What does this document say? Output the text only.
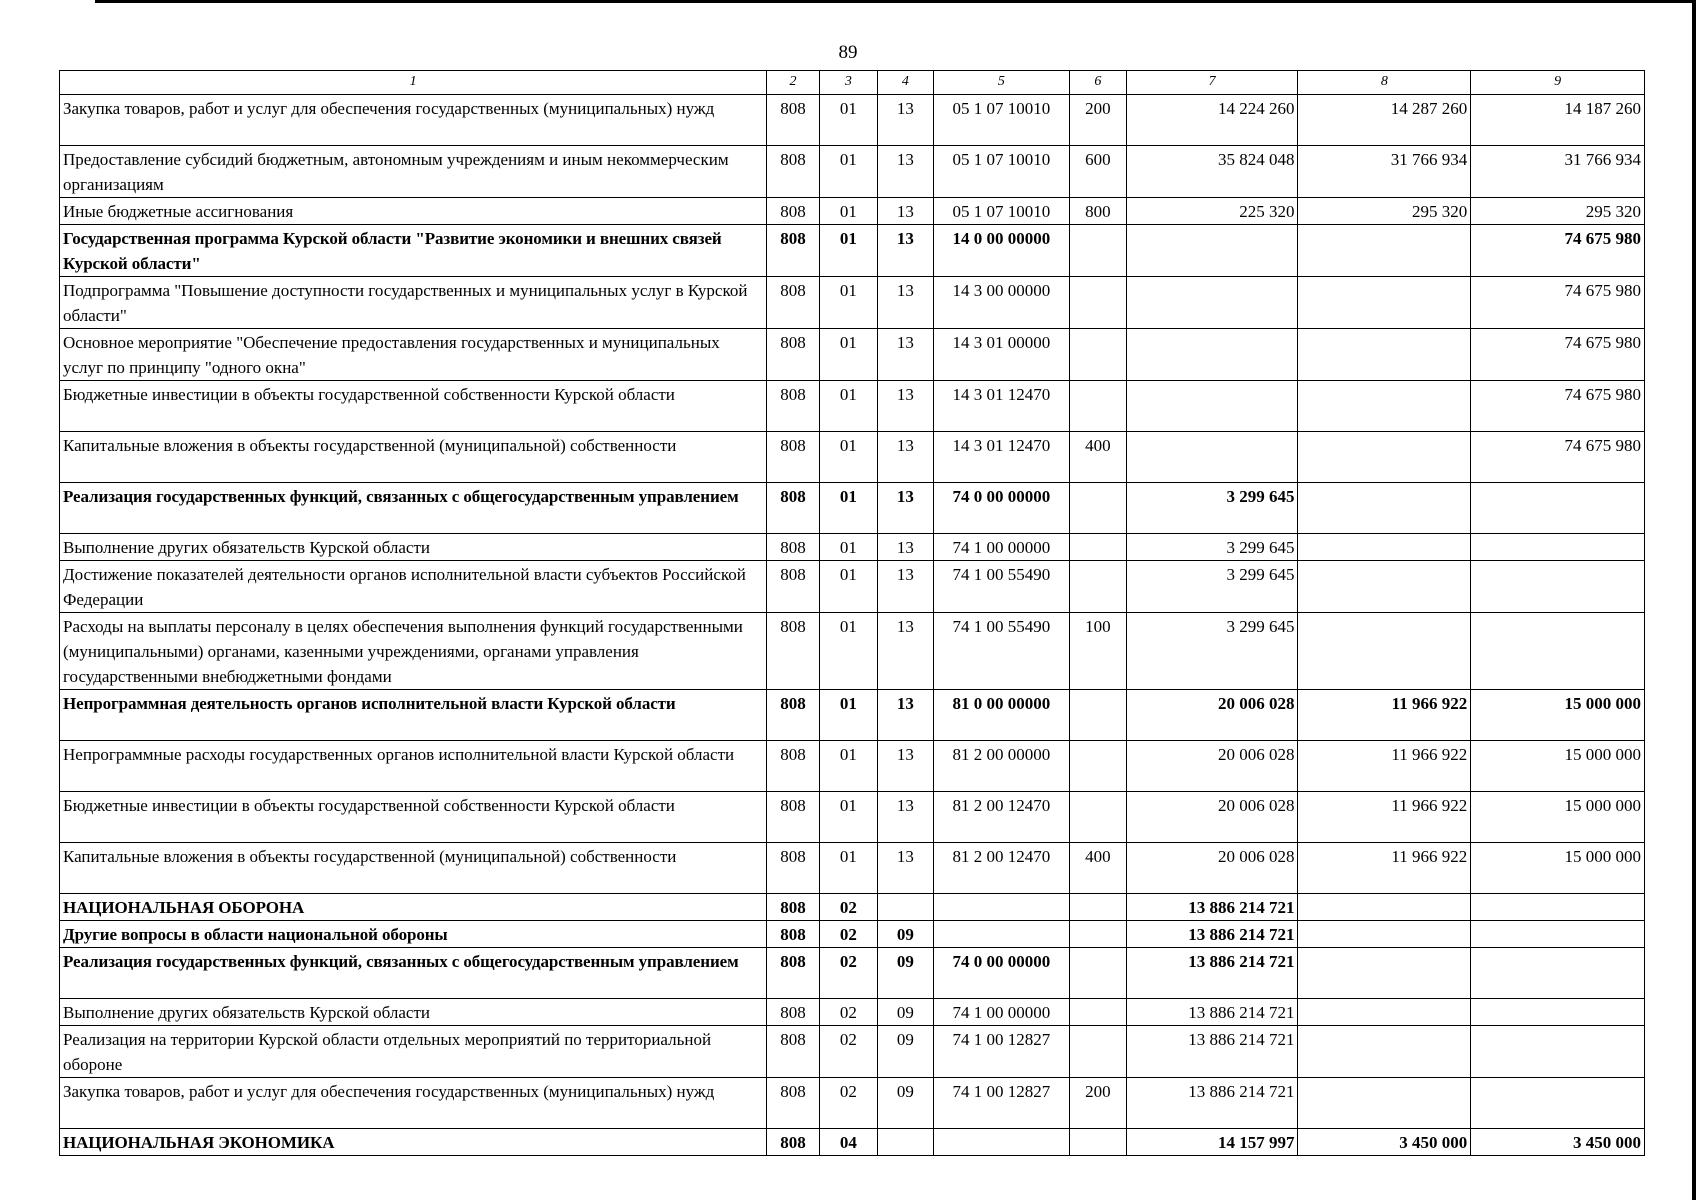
89
1	2	3	4	5	6	7	8	9
Закупка товаров, работ и услуг для обеспечения государственных (муниципальных) нужд	808	01	13	05 1 07 10010	200	14 224 260	14 287 260	14 187 260
Предоставление субсидий бюджетным, автономным учреждениям и иным некоммерческим организациям	808	01	13	05 1 07 10010	600	35 824 048	31 766 934	31 766 934
Иные бюджетные ассигнования	808	01	13	05 1 07 10010	800	225 320	295 320	295 320
Государственная программа Курской области "Развитие экономики и внешних связей Курской области"	808	01	13	14 0 00 00000				74 675 980
Подпрограмма "Повышение доступности государственных и муниципальных услуг в Курской области"	808	01	13	14 3 00 00000				74 675 980
Основное мероприятие "Обеспечение предоставления государственных и муниципальных услуг по принципу "одного окна"	808	01	13	14 3 01 00000				74 675 980
Бюджетные инвестиции в объекты государственной собственности Курской области	808	01	13	14 3 01 12470				74 675 980
Капитальные вложения в объекты государственной (муниципальной) собственности	808	01	13	14 3 01 12470	400			74 675 980
Реализация государственных функций, связанных с общегосударственным управлением	808	01	13	74 0 00 00000		3 299 645		
Выполнение других обязательств Курской области	808	01	13	74 1 00 00000		3 299 645		
Достижение показателей деятельности органов исполнительной власти субъектов Российской Федерации	808	01	13	74 1 00 55490		3 299 645		
Расходы на выплаты персоналу в целях обеспечения выполнения функций государственными (муниципальными) органами, казенными учреждениями, органами управления государственными внебюджетными фондами	808	01	13	74 1 00 55490	100	3 299 645		
Непрограммная деятельность органов исполнительной власти Курской области	808	01	13	81 0 00 00000		20 006 028	11 966 922	15 000 000
Непрограммные расходы государственных органов исполнительной власти Курской области	808	01	13	81 2 00 00000		20 006 028	11 966 922	15 000 000
Бюджетные инвестиции в объекты государственной собственности Курской области	808	01	13	81 2 00 12470		20 006 028	11 966 922	15 000 000
Капитальные вложения в объекты государственной (муниципальной) собственности	808	01	13	81 2 00 12470	400	20 006 028	11 966 922	15 000 000
НАЦИОНАЛЬНАЯ ОБОРОНА	808	02				13 886 214 721		
Другие вопросы в области национальной обороны	808	02	09			13 886 214 721		
Реализация государственных функций, связанных с общегосударственным управлением	808	02	09	74 0 00 00000		13 886 214 721		
Выполнение других обязательств Курской области	808	02	09	74 1 00 00000		13 886 214 721		
Реализация на территории Курской области отдельных мероприятий по территориальной обороне	808	02	09	74 1 00 12827		13 886 214 721		
Закупка товаров, работ и услуг для обеспечения государственных (муниципальных) нужд	808	02	09	74 1 00 12827	200	13 886 214 721		
НАЦИОНАЛЬНАЯ ЭКОНОМИКА	808	04				14 157 997	3 450 000	3 450 000
